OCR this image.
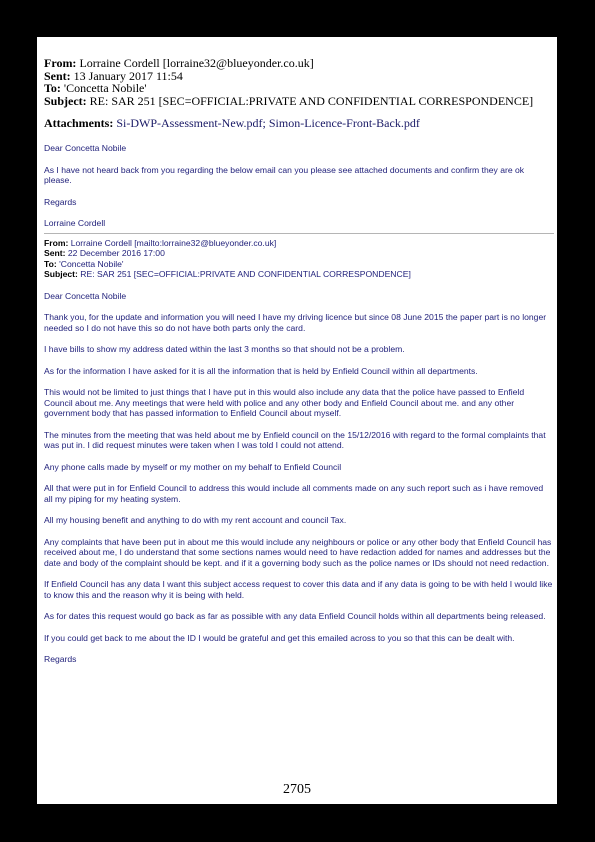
From: Lorraine Cordell [lorraine32@blueyonder.co.uk]
Sent: 13 January 2017 11:54
To: 'Concetta Nobile'
Subject: RE: SAR 251 [SEC=OFFICIAL:PRIVATE AND CONFIDENTIAL CORRESPONDENCE]
Attachments: Si-DWP-Assessment-New.pdf; Simon-Licence-Front-Back.pdf

Dear Concetta Nobile

As I have not heard back from you regarding the below email can you please see attached documents and confirm they are ok please.

Regards

Lorraine Cordell

From: Lorraine Cordell [mailto:lorraine32@blueyonder.co.uk]
Sent: 22 December 2016 17:00
To: 'Concetta Nobile'
Subject: RE: SAR 251 [SEC=OFFICIAL:PRIVATE AND CONFIDENTIAL CORRESPONDENCE]

Dear Concetta Nobile

Thank you, for the update and information you will need I have my driving licence but since 08 June 2015 the paper part is no longer needed so I do not have this so do not have both parts only the card.

I have bills to show my address dated within the last 3 months so that should not be a problem.

As for the information I have asked for it is all the information that is held by Enfield Council within all departments.

This would not be limited to just things that I have put in this would also include any data that the police have passed to Enfield Council about me. Any meetings that were held with police and any other body and Enfield Council about me. and any other government body that has passed information to Enfield Council about myself.

The minutes from the meeting that was held about me by Enfield council on the 15/12/2016 with regard to the formal complaints that was put in. I did request minutes were taken when I was told I could not attend.

Any phone calls made by myself or my mother on my behalf to Enfield Council

All that were put in for Enfield Council to address this would include all comments made on any such report such as i have removed all my piping for my heating system.

All my housing benefit and anything to do with my rent account and council Tax.

Any complaints that have been put in about me this would include any neighbours or police or any other body that Enfield Council has received about me, I do understand that some sections names would need to have redaction added for names and addresses but the date and body of the complaint should be kept. and if it a governing body such as the police names or IDs should not need redaction.

If Enfield Council has any data I want this subject access request to cover this data and if any data is going to be with held I would like to know this and the reason why it is being with held.

As for dates this request would go back as far as possible with any data Enfield Council holds within all departments being released.

If you could get back to me about the ID I would be grateful and get this emailed across to you so that this can be dealt with.

Regards

2705
